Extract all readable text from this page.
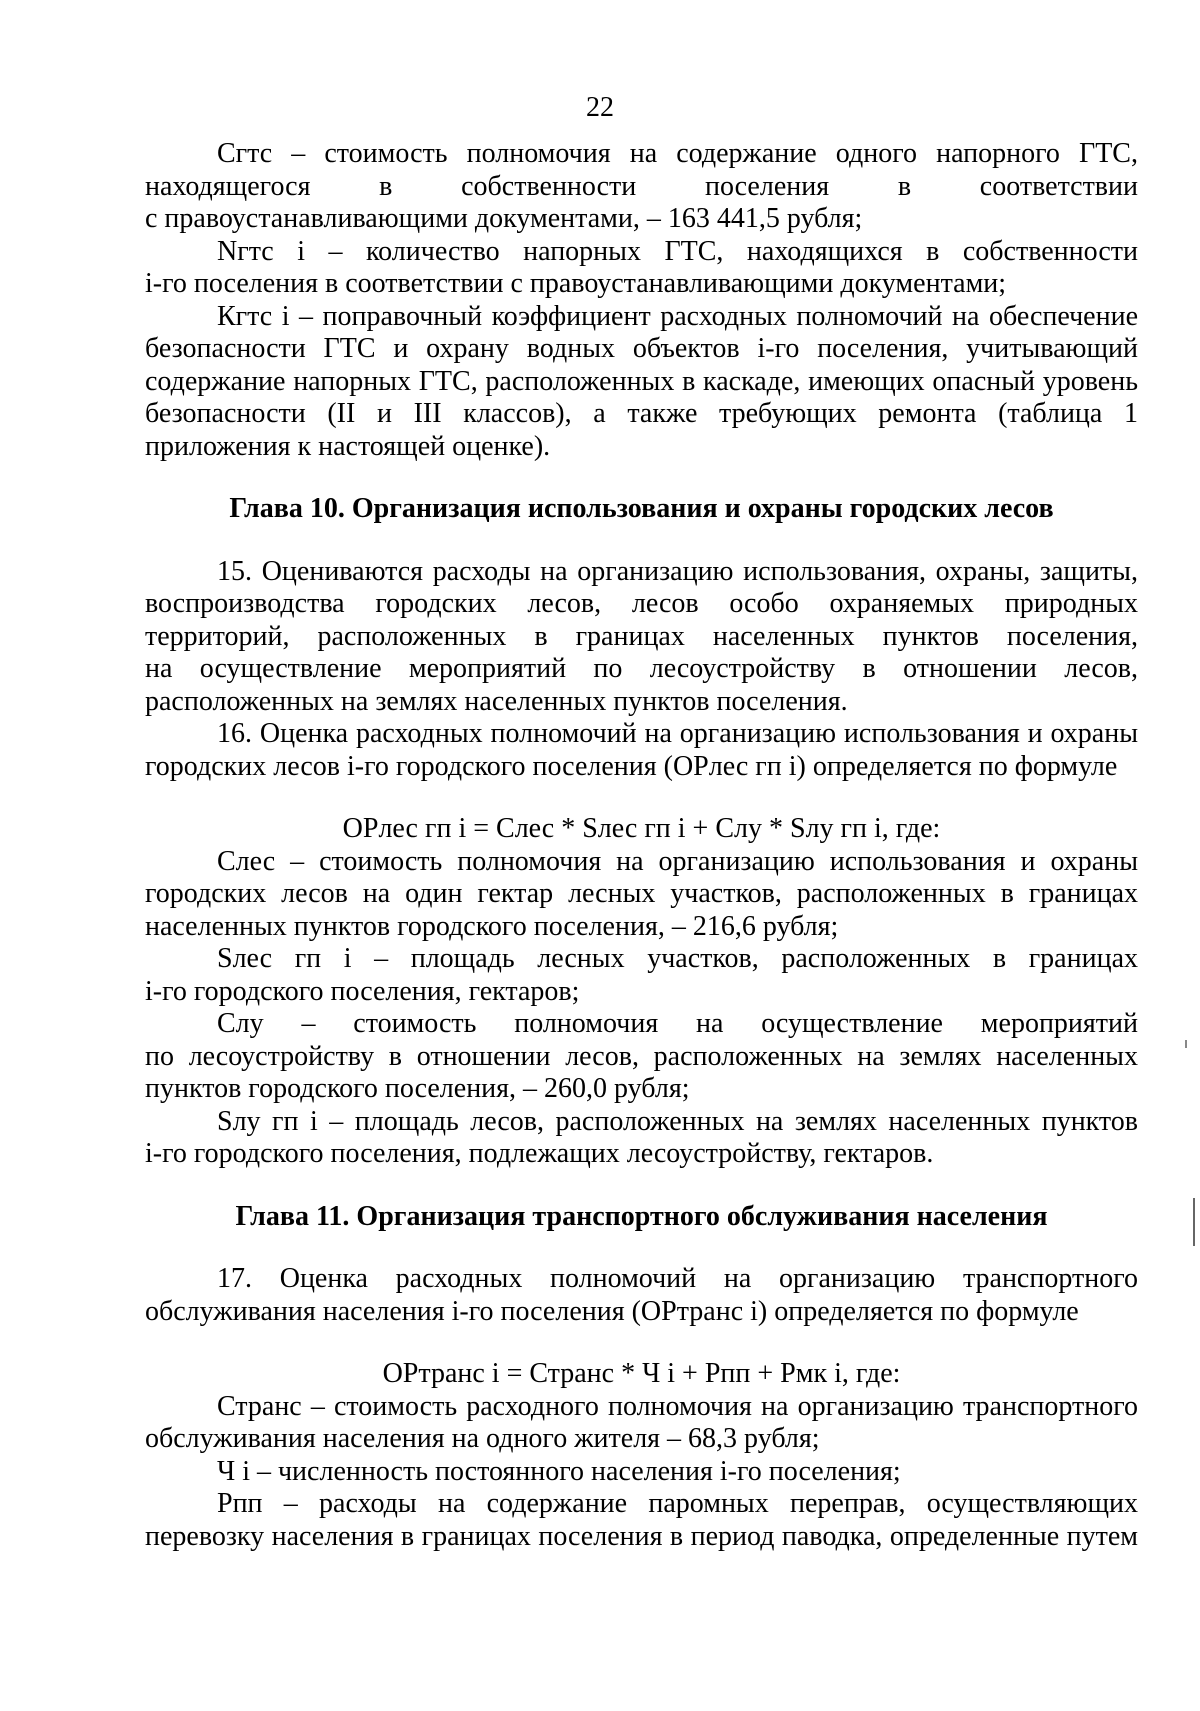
22

Сгтс – стоимость полномочия на содержание одного напорного ГТС,

находящегося в собственности поселения в соответствии

с правоустанавливающими документами, – 163 441,5 рубля;

Nгтс i – количество напорных ГТС, находящихся в собственности

i-го поселения в соответствии с правоустанавливающими документами;

Кгтс i – поправочный коэффициент расходных полномочий на обеспечение

безопасности ГТС и охрану водных объектов i-го поселения, учитывающий

содержание напорных ГТС, расположенных в каскаде, имеющих опасный уровень

безопасности (II и III классов), а также требующих ремонта (таблица 1

приложения к настоящей оценке).

Глава 10. Организация использования и охраны городских лесов

15. Оцениваются расходы на организацию использования, охраны, защиты,

воспроизводства городских лесов, лесов особо охраняемых природных

территорий, расположенных в границах населенных пунктов поселения,

на осуществление мероприятий по лесоустройству в отношении лесов,

расположенных на землях населенных пунктов поселения.

16. Оценка расходных полномочий на организацию использования и охраны

городских лесов i-го городского поселения (ОРлес гп i) определяется по формуле

ОРлес гп i = Слес * Sлес гп i + Слу * Sлу гп i, где:

Слес – стоимость полномочия на организацию использования и охраны

городских лесов на один гектар лесных участков, расположенных в границах

населенных пунктов городского поселения, – 216,6 рубля;

Sлес гп i – площадь лесных участков, расположенных в границах

i-го городского поселения, гектаров;

Слу – стоимость полномочия на осуществление мероприятий

по лесоустройству в отношении лесов, расположенных на землях населенных

пунктов городского поселения, – 260,0 рубля;

Sлу гп i – площадь лесов, расположенных на землях населенных пунктов

i-го городского поселения, подлежащих лесоустройству, гектаров.

Глава 11. Организация транспортного обслуживания населения

17. Оценка расходных полномочий на организацию транспортного

обслуживания населения i-го поселения (ОРтранс i) определяется по формуле

ОРтранс i = Странс * Ч i + Рпп + Рмк i, где:

Странс – стоимость расходного полномочия на организацию транспортного

обслуживания населения на одного жителя – 68,3 рубля;

Ч i – численность постоянного населения i-го поселения;

Рпп – расходы на содержание паромных переправ, осуществляющих

перевозку населения в границах поселения в период паводка, определенные путем
